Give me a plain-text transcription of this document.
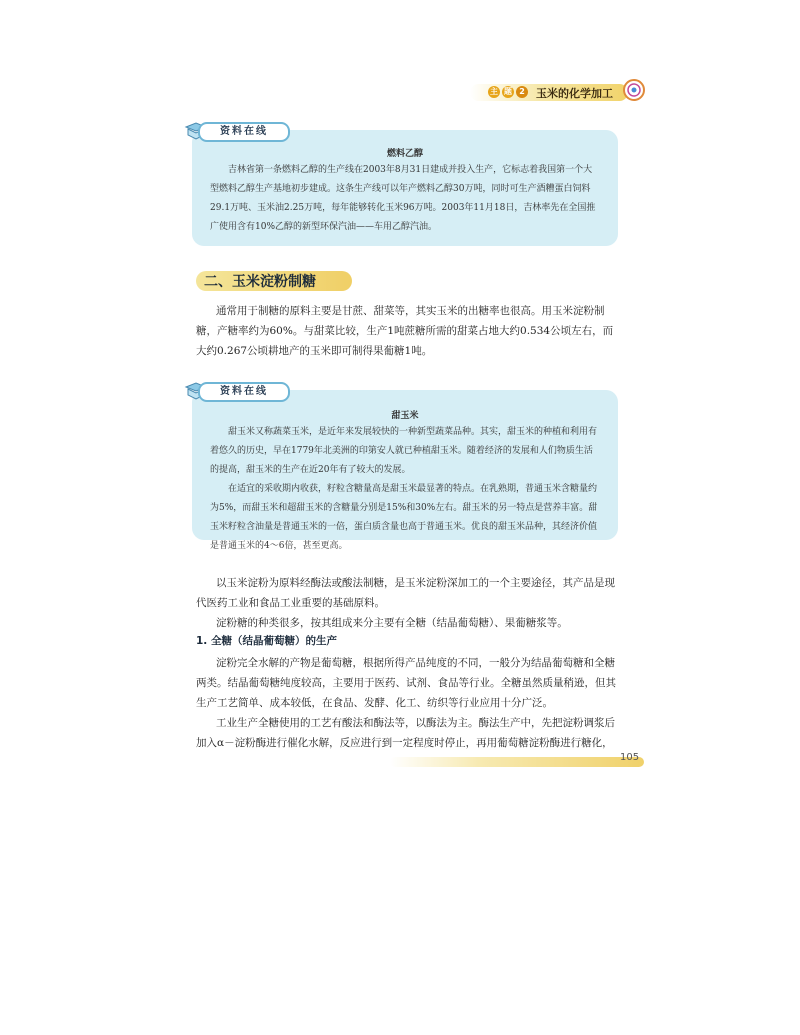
主 题 2 玉米的化学加工

燃料乙醇

吉林省第一条燃料乙醇的生产线在2003年8月31日建成并投入生产，它标志着我国第一个大型燃料乙醇生产基地初步建成。这条生产线可以年产燃料乙醇30万吨，同时可生产酒糟蛋白饲料29.1万吨、玉米油2.25万吨，每年能够转化玉米96万吨。2003年11月18日，吉林率先在全国推广使用含有10%乙醇的新型环保汽油——车用乙醇汽油。

资料在线
二、玉米淀粉制糖

通常用于制糖的原料主要是甘蔗、甜菜等，其实玉米的出糖率也很高。用玉米淀粉制糖，产糖率约为60%。与甜菜比较，生产1吨蔗糖所需的甜菜占地大约0.534公顷左右，而大约0.267公顷耕地产的玉米即可制得果葡糖1吨。

甜玉米

甜玉米又称蔬菜玉米，是近年来发展较快的一种新型蔬菜品种。其实，甜玉米的种植和利用有着悠久的历史，早在1779年北美洲的印第安人就已种植甜玉米。随着经济的发展和人们物质生活的提高，甜玉米的生产在近20年有了较大的发展。

在适宜的采收期内收获，籽粒含糖量高是甜玉米最显著的特点。在乳熟期，普通玉米含糖量约为5%，而甜玉米和超甜玉米的含糖量分别是15%和30%左右。甜玉米的另一特点是营养丰富。甜玉米籽粒含油量是普通玉米的一倍，蛋白质含量也高于普通玉米。优良的甜玉米品种，其经济价值是普通玉米的4～6倍，甚至更高。

资料在线

以玉米淀粉为原料经酶法或酸法制糖，是玉米淀粉深加工的一个主要途径，其产品是现代医药工业和食品工业重要的基础原料。

淀粉糖的种类很多，按其组成来分主要有全糖（结晶葡萄糖）、果葡糖浆等。

1. 全糖（结晶葡萄糖）的生产

淀粉完全水解的产物是葡萄糖，根据所得产品纯度的不同，一般分为结晶葡萄糖和全糖两类。结晶葡萄糖纯度较高，主要用于医药、试剂、食品等行业。全糖虽然质量稍逊，但其生产工艺简单、成本较低，在食品、发酵、化工、纺织等行业应用十分广泛。

工业生产全糖使用的工艺有酸法和酶法等，以酶法为主。酶法生产中，先把淀粉调浆后加入α－淀粉酶进行催化水解，反应进行到一定程度时停止，再用葡萄糖淀粉酶进行糖化，

105
